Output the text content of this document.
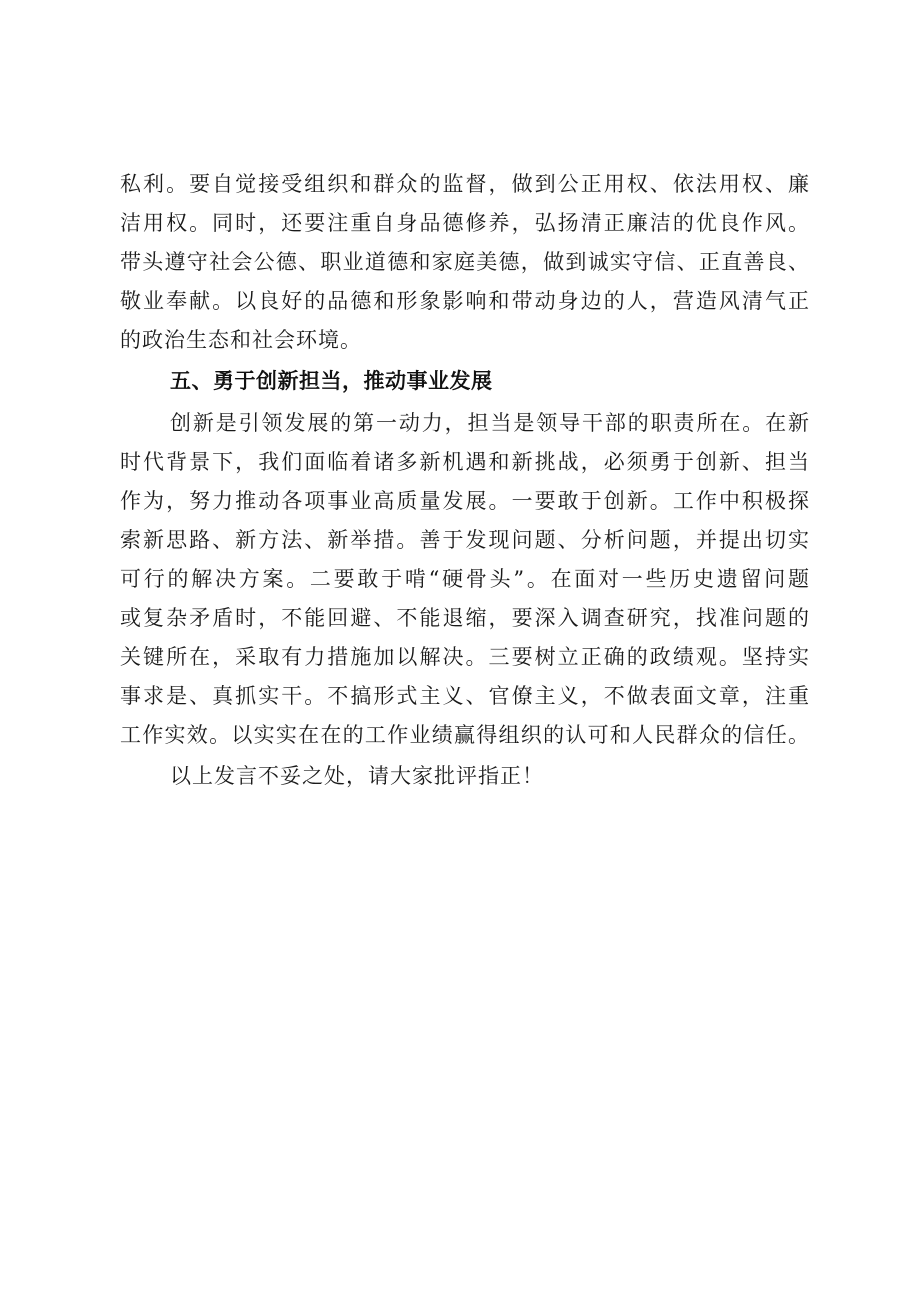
私利。要自觉接受组织和群众的监督，做到公正用权、依法用权、廉
洁用权。同时，还要注重自身品德修养，弘扬清正廉洁的优良作风。
带头遵守社会公德、职业道德和家庭美德，做到诚实守信、正直善良、
敬业奉献。以良好的品德和形象影响和带动身边的人，营造风清气正
的政治生态和社会环境。
五、勇于创新担当，推动事业发展
创新是引领发展的第一动力，担当是领导干部的职责所在。在新
时代背景下，我们面临着诸多新机遇和新挑战，必须勇于创新、担当
作为，努力推动各项事业高质量发展。一要敢于创新。工作中积极探
索新思路、新方法、新举措。善于发现问题、分析问题，并提出切实
可行的解决方案。二要敢于啃“硬骨头”。在面对一些历史遗留问题
或复杂矛盾时，不能回避、不能退缩，要深入调查研究，找准问题的
关键所在，采取有力措施加以解决。三要树立正确的政绩观。坚持实
事求是、真抓实干。不搞形式主义、官僚主义，不做表面文章，注重
工作实效。以实实在在的工作业绩赢得组织的认可和人民群众的信任。
以上发言不妥之处，请大家批评指正！
